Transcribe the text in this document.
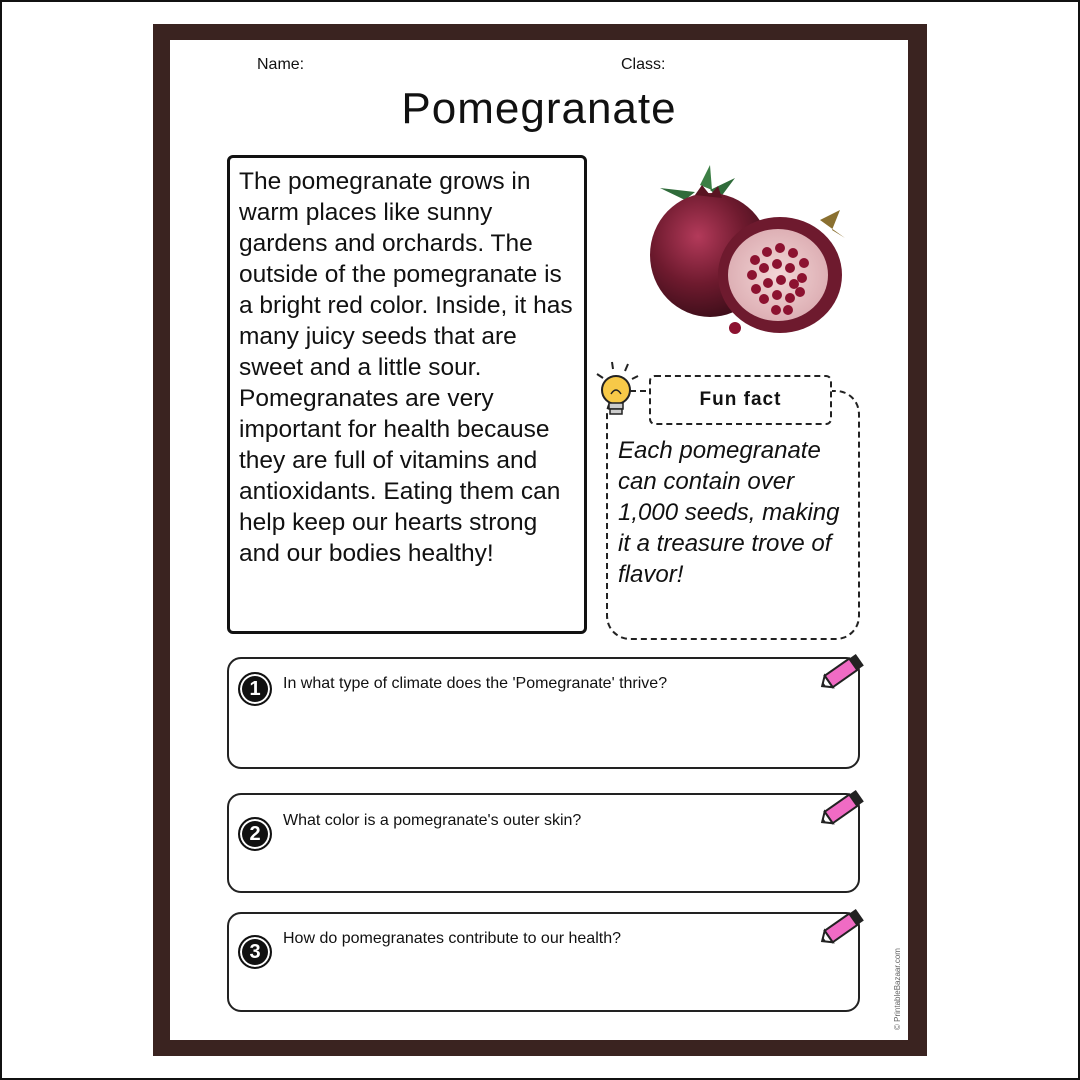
Name:	Class:
Pomegranate
The pomegranate grows in warm places like sunny gardens and orchards. The outside of the pomegranate is a bright red color. Inside, it has many juicy seeds that are sweet and a little sour. Pomegranates are very important for health because they are full of vitamins and antioxidants. Eating them can help keep our hearts strong and our bodies healthy!
Fun fact
Each pomegranate can contain over 1,000 seeds, making it a treasure trove of flavor!
1	In what type of climate does the 'Pomegranate' thrive?
2
What color is a pomegranate's outer skin?
3
How do pomegranates contribute to our health?
© PrintableBazaar.com
